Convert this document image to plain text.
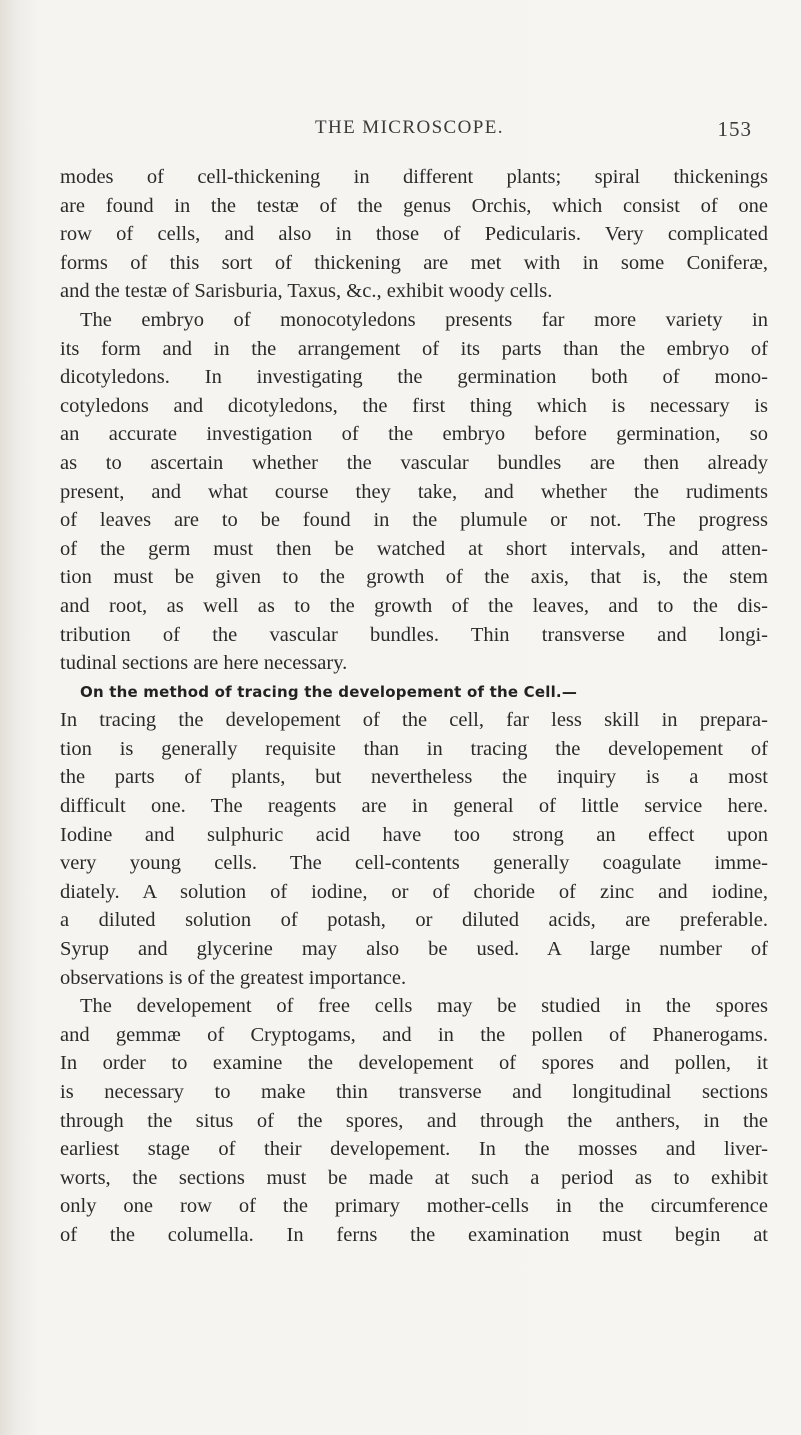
THE MICROSCOPE.	153
modes of cell-thickening in different plants; spiral thickenings
are found in the testæ of the genus Orchis, which consist of one
row of cells, and also in those of Pedicularis. Very complicated
forms of this sort of thickening are met with in some Coniferæ,
and the testæ of Sarisburia, Taxus, &c., exhibit woody cells.
The embryo of monocotyledons presents far more variety in
its form and in the arrangement of its parts than the embryo of
dicotyledons. In investigating the germination both of mono-
cotyledons and dicotyledons, the first thing which is necessary is
an accurate investigation of the embryo before germination, so
as to ascertain whether the vascular bundles are then already
present, and what course they take, and whether the rudiments
of leaves are to be found in the plumule or not. The progress
of the germ must then be watched at short intervals, and atten-
tion must be given to the growth of the axis, that is, the stem
and root, as well as to the growth of the leaves, and to the dis-
tribution of the vascular bundles. Thin transverse and longi-
tudinal sections are here necessary.
On the method of tracing the developement of the Cell.—
In tracing the developement of the cell, far less skill in prepara-
tion is generally requisite than in tracing the developement of
the parts of plants, but nevertheless the inquiry is a most
difficult one. The reagents are in general of little service here.
Iodine and sulphuric acid have too strong an effect upon
very young cells. The cell-contents generally coagulate imme-
diately. A solution of iodine, or of choride of zinc and iodine,
a diluted solution of potash, or diluted acids, are preferable.
Syrup and glycerine may also be used. A large number of
observations is of the greatest importance.
The developement of free cells may be studied in the spores
and gemmæ of Cryptogams, and in the pollen of Phanerogams.
In order to examine the developement of spores and pollen, it
is necessary to make thin transverse and longitudinal sections
through the situs of the spores, and through the anthers, in the
earliest stage of their developement. In the mosses and liver-
worts, the sections must be made at such a period as to exhibit
only one row of the primary mother-cells in the circumference
of the columella. In ferns the examination must begin at
